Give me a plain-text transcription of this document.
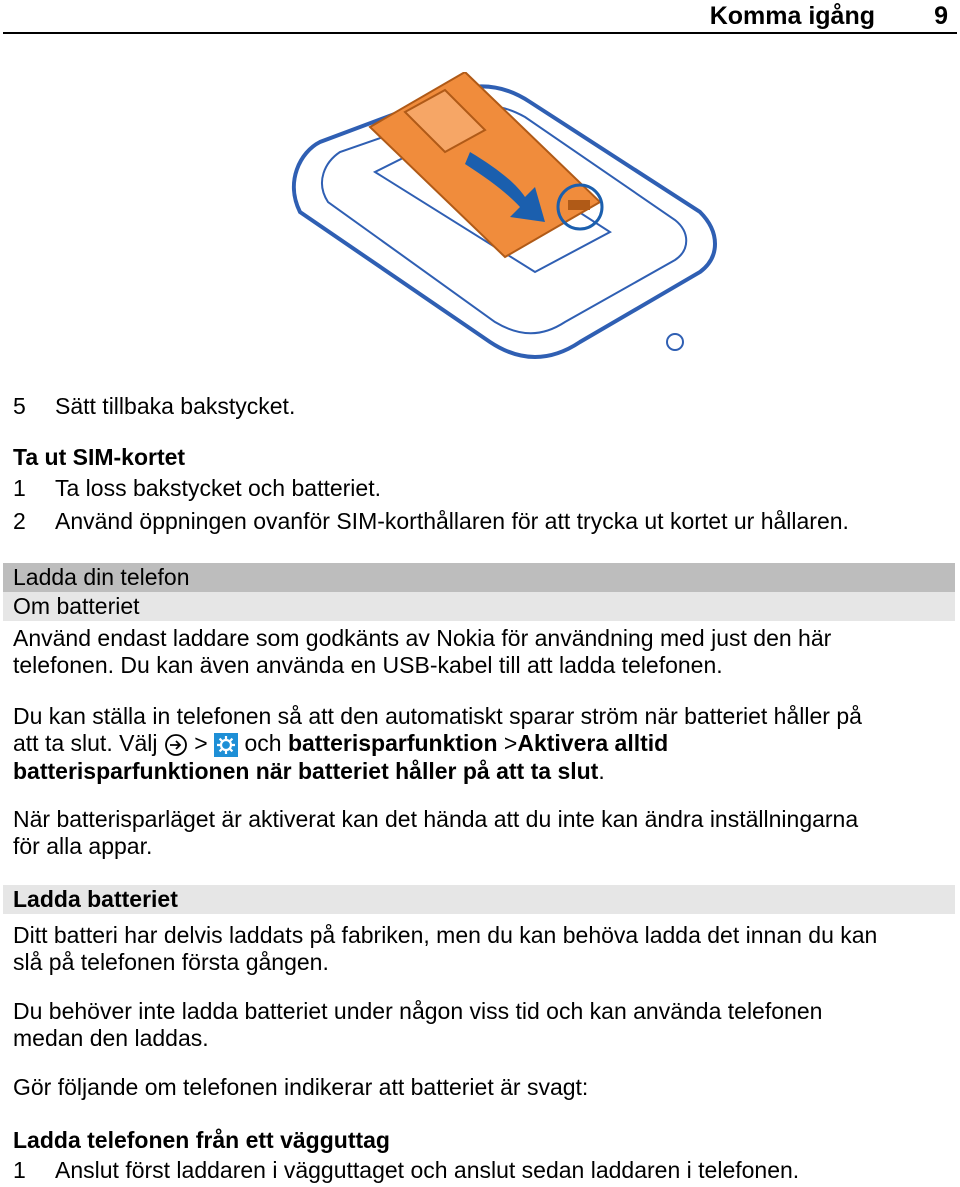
Komma igång 9
5 Sätt tillbaka bakstycket.
Ta ut SIM-kortet
1 Ta loss bakstycket och batteriet.
2 Använd öppningen ovanför SIM-korthållaren för att trycka ut kortet ur hållaren.
Ladda din telefon
Om batteriet
Använd endast laddare som godkänts av Nokia för användning med just den här
telefonen. Du kan även använda en USB-kabel till att ladda telefonen.
Du kan ställa in telefonen så att den automatiskt sparar ström när batteriet håller på
att ta slut. Välj > och batterisparfunktion >Aktivera alltid
batterisparfunktionen när batteriet håller på att ta slut.
När batterisparläget är aktiverat kan det hända att du inte kan ändra inställningarna
för alla appar.
Ladda batteriet
Ditt batteri har delvis laddats på fabriken, men du kan behöva ladda det innan du kan
slå på telefonen första gången.
Du behöver inte ladda batteriet under någon viss tid och kan använda telefonen
medan den laddas.
Gör följande om telefonen indikerar att batteriet är svagt:
Ladda telefonen från ett vägguttag
1 Anslut först laddaren i vägguttaget och anslut sedan laddaren i telefonen.
